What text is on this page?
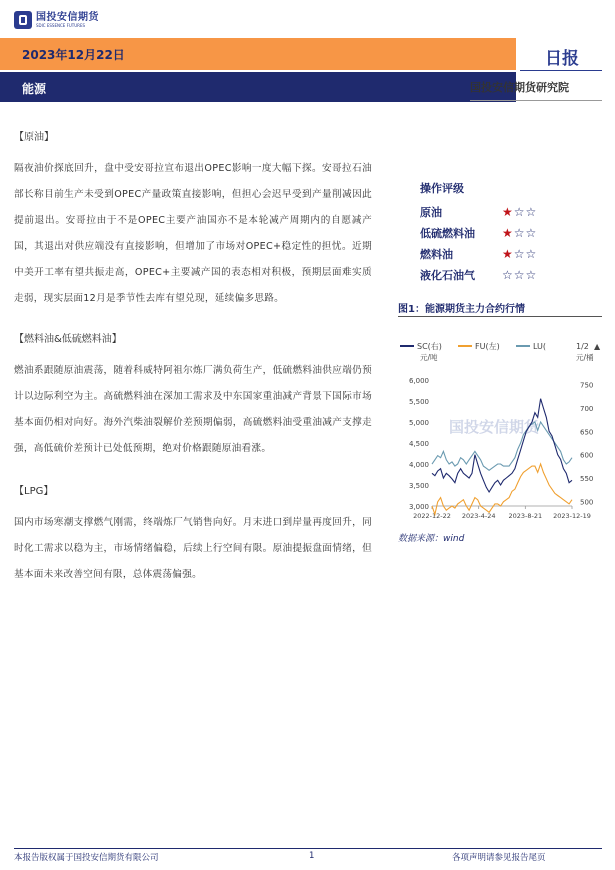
国投安信期货
SDIC ESSENCE FUTURES
2023年12月22日
能源
日报
国投安信期货研究院
【原油】

隔夜油价探底回升，盘中受安哥拉宣布退出OPEC影响一度大幅下探。安哥拉石油部长称目前生产未受到OPEC产量政策直接影响，但担心会迟早受到产量削减因此提前退出。安哥拉由于不是OPEC主要产油国亦不是本轮减产周期内的自愿减产国，其退出对供应端没有直接影响，但增加了市场对OPEC+稳定性的担忧。近期中美开工率有望共振走高，OPEC+主要减产国的表态相对积极，预期层面难实质走弱，现实层面12月是季节性去库有望兑现，延续偏多思路。

【燃料油&低硫燃料油】

燃油系跟随原油震荡，随着科威特阿祖尔炼厂满负荷生产，低硫燃料油供应端仍预计以边际利空为主。高硫燃料油在深加工需求及中东国家重油减产背景下国际市场基本面仍相对向好。海外汽柴油裂解价差预期偏弱，高硫燃料油受重油减产支撑走强，高低硫价差预计已处低预期，绝对价格跟随原油看涨。

【LPG】

国内市场寒潮支撑燃气刚需，终端炼厂气销售向好。月末进口到岸量再度回升，同时化工需求以稳为主，市场情绪偏稳，后续上行空间有限。原油提振盘面情绪，但基本面未来改善空间有限，总体震荡偏强。

操作评级
原油	★☆☆
低硫燃料油	★☆☆
燃料油	★☆☆
液化石油气	☆☆☆
图1：能源期货主力合约行情
国投安信期货
SC(右)	FU(左)	LU(	1/2 ▲
元/吨	元/桶
3,000
3,500
4,000
4,500
5,000
5,500
6,000
500
550
600
650
700
750
2022-12-22 2023-4-24 2023-8-21 2023-12-19
数据来源：wind
本报告版权属于国投安信期货有限公司	1	各项声明请参见报告尾页
